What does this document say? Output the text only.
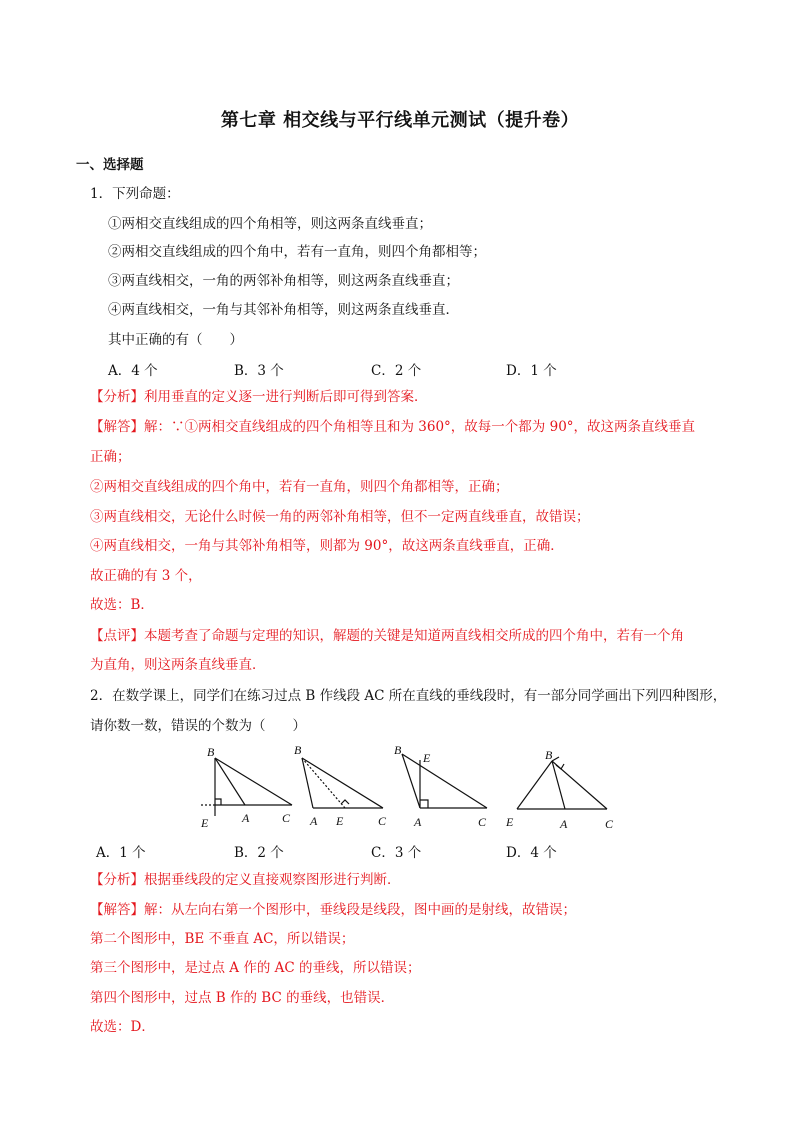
第七章 相交线与平行线单元测试（提升卷）
一、选择题
1．下列命题：
①两相交直线组成的四个角相等，则这两条直线垂直；
②两相交直线组成的四个角中，若有一直角，则四个角都相等；
③两直线相交，一角的两邻补角相等，则这两条直线垂直；
④两直线相交，一角与其邻补角相等，则这两条直线垂直．
其中正确的有（　　）
A．4 个	B．3 个	C．2 个	D．1 个
【分析】利用垂直的定义逐一进行判断后即可得到答案．
【解答】解：∵①两相交直线组成的四个角相等且和为 360°，故每一个都为 90°，故这两条直线垂直
正确；
②两相交直线组成的四个角中，若有一直角，则四个角都相等，正确；
③两直线相交，无论什么时候一角的两邻补角相等，但不一定两直线垂直，故错误；
④两直线相交，一角与其邻补角相等，则都为 90°，故这两条直线垂直，正确．
故正确的有 3 个，
故选：B．
【点评】本题考查了命题与定理的知识，解题的关键是知道两直线相交所成的四个角中，若有一个角
为直角，则这两条直线垂直．
2．在数学课上，同学们在练习过点 B 作线段 AC 所在直线的垂线段时，有一部分同学画出下列四种图形，
请你数一数，错误的个数为（　　）
B
E	A	C
B
A E	C
B
E
A	C
B
E	A	C
A．1 个	B．2 个	C．3 个	D．4 个
【分析】根据垂线段的定义直接观察图形进行判断．
【解答】解：从左向右第一个图形中，垂线段是线段，图中画的是射线，故错误；
第二个图形中，BE 不垂直 AC，所以错误；
第三个图形中，是过点 A 作的 AC 的垂线，所以错误；
第四个图形中，过点 B 作的 BC 的垂线，也错误．
故选：D．
